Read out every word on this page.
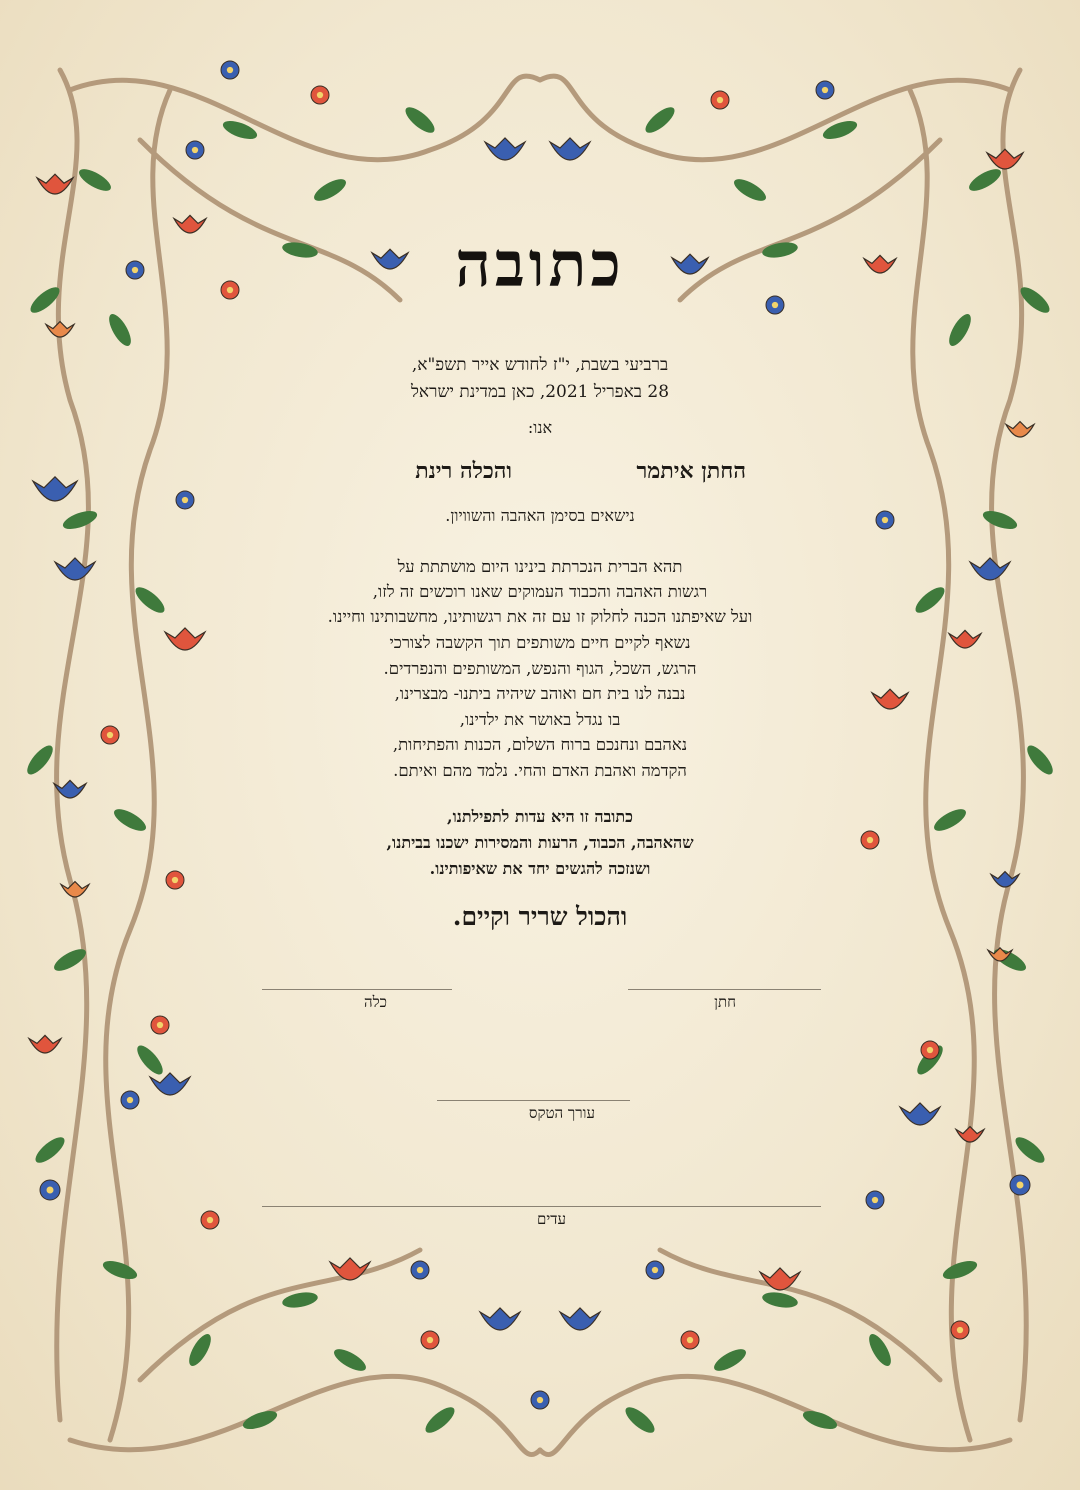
כתובה
ברביעי בשבת, י"ז לחודש אייר תשפ"א,
28 באפריל 2021, כאן במדינת ישראל
אנו:
החתן איתמר
והכלה רינת
נישאים בסימן האהבה והשוויון.
תהא הברית הנכרתת בינינו היום מושתתת על
רגשות האהבה והכבוד העמוקים שאנו רוכשים זה לזו,
ועל שאיפתנו הכנה לחלוק זו עם זה את רגשותינו, מחשבותינו וחיינו.
נשאף לקיים חיים משותפים תוך הקשבה לצורכי
הרגש, השכל, הגוף והנפש, המשותפים והנפרדים.
נבנה לנו בית חם ואוהב שיהיה ביתנו- מבצרינו,
בו נגדל באושר את ילדינו,
נאהבם ונחנכם ברוח השלום, הכנות והפתיחות,
הקדמה ואהבת האדם והחי. נלמד מהם ואיתם.
כתובה זו היא עדות לתפילתנו,
שהאהבה, הכבוד, הרעות והמסירות ישכנו בביתנו,
ושנזכה להגשים יחד את שאיפותינו.
והכול שריר וקיים.
חתן
כלה
עורך הטקס
עדים
